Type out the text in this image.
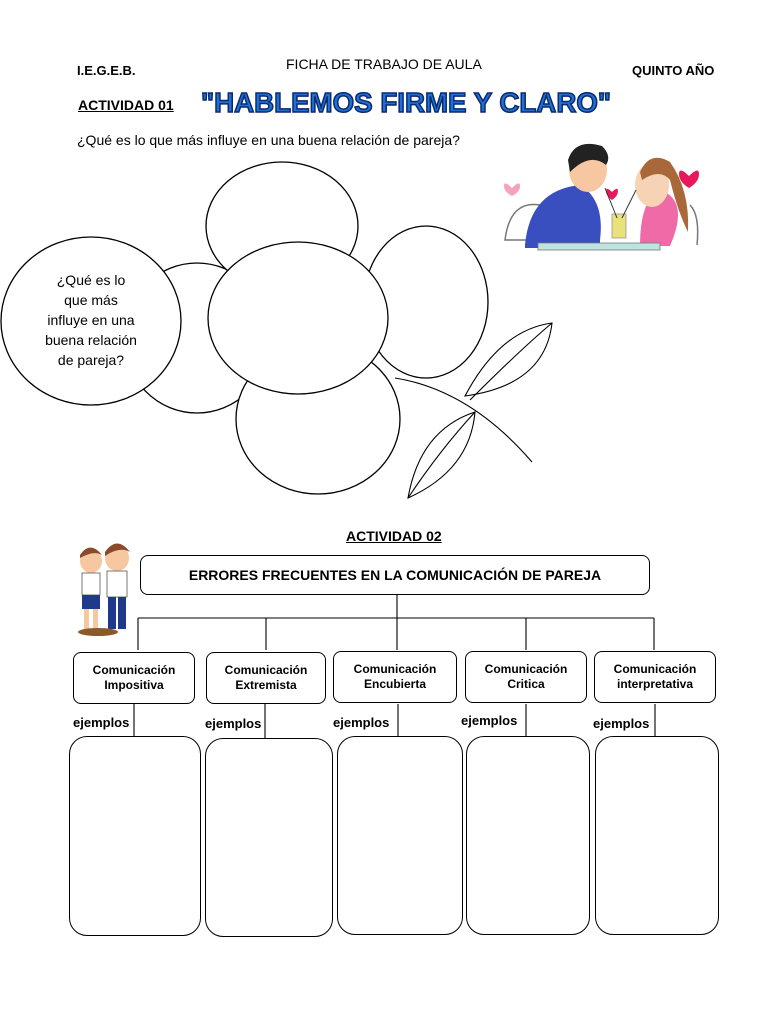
I.E.G.E.B.	FICHA DE TRABAJO DE AULA	QUINTO AÑO
"HABLEMOS FIRME Y CLARO"
ACTIVIDAD 01
¿Qué es lo que más influye en una buena relación de pareja?
¿Qué es lo
que más
influye en una
buena relación
de pareja?
ACTIVIDAD 02
ERRORES FRECUENTES EN LA COMUNICACIÓN DE PAREJA
Comunicación
Impositiva
Comunicación
Extremista
Comunicación
Encubierta
Comunicación
Critica
Comunicación
interpretativa
ejemplos	ejemplos	ejemplos	ejemplos	ejemplos
